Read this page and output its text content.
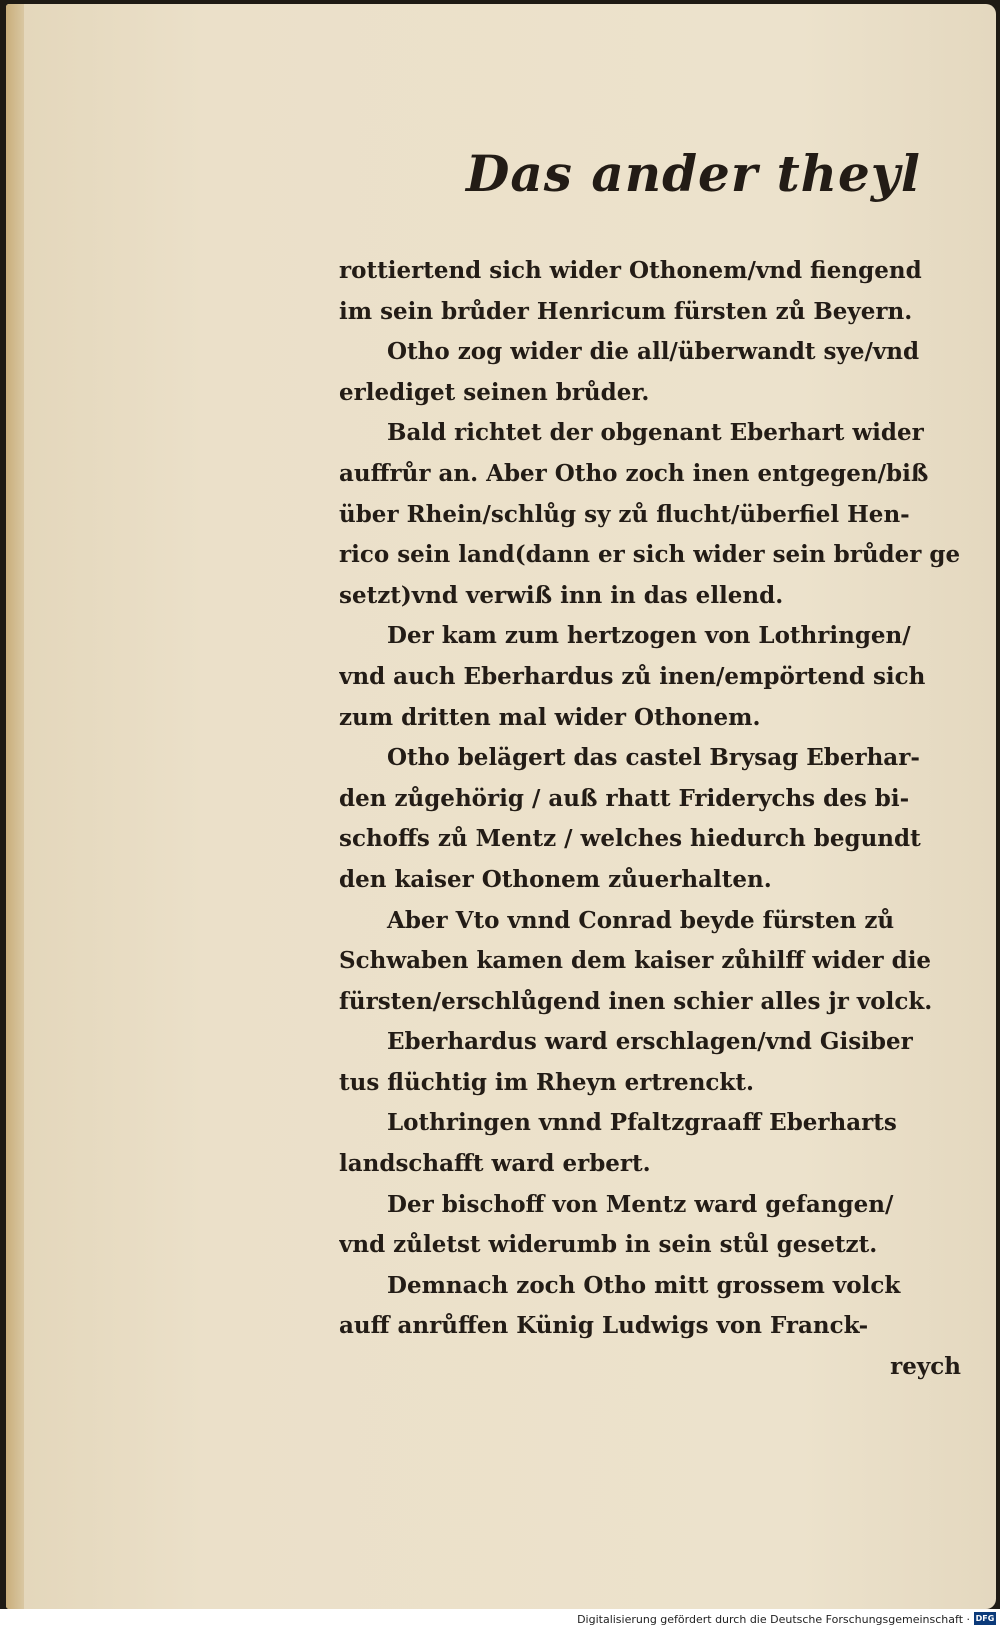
Das ander theyl
rottiertend sich wider Othonem/vnd fiengend
im sein brůder Henricum fürsten zů Beyern.
Otho zog wider die all/überwandt sye/vnd
erlediget seinen brůder.
Bald richtet der obgenant Eberhart wider
auffrůr an. Aber Otho zoch inen entgegen/biß
über Rhein/schlůg sy zů flucht/überfiel Hen-
rico sein land(dann er sich wider sein brůder ge
setzt)vnd verwiß inn in das ellend.
Der kam zum hertzogen von Lothringen/
vnd auch Eberhardus zů inen/empörtend sich
zum dritten mal wider Othonem.
Otho belägert das castel Brysag Eberhar-
den zůgehörig / auß rhatt Friderychs des bi-
schoffs zů Mentz / welches hiedurch begundt
den kaiser Othonem zůuerhalten.
Aber Vto vnnd Conrad beyde fürsten zů
Schwaben kamen dem kaiser zůhilff wider die
fürsten/erschlůgend inen schier alles jr volck.
Eberhardus ward erschlagen/vnd Gisiber
tus flüchtig im Rheyn ertrenckt.
Lothringen vnnd Pfaltzgraaff Eberharts
landschafft ward erbert.
Der bischoff von Mentz ward gefangen/
vnd zůletst widerumb in sein stůl gesetzt.
Demnach zoch Otho mitt grossem volck
auff anrůffen Künig Ludwigs von Franck-
reych
Digitalisierung gefördert durch die Deutsche Forschungsgemeinschaft · DFG
